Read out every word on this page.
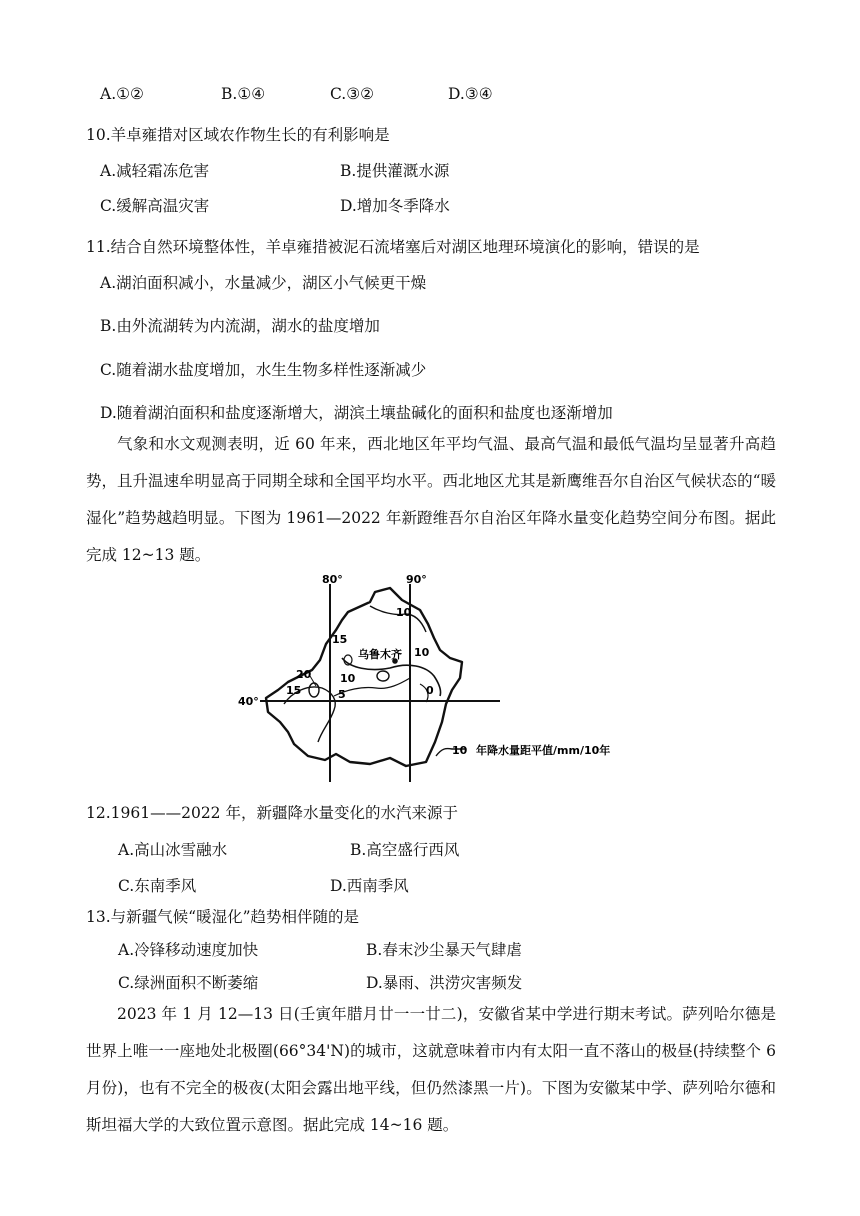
A.①②	B.①④	C.③②	D.③④
10.羊卓雍措对区域农作物生长的有利影响是
A.减轻霜冻危害	B.提供灌溉水源
C.缓解高温灾害	D.增加冬季降水
11.结合自然环境整体性，羊卓雍措被泥石流堵塞后对湖区地理环境演化的影响，错误的是
A.湖泊面积减小，水量减少，湖区小气候更干燥
B.由外流湖转为内流湖，湖水的盐度增加
C.随着湖水盐度增加，水生生物多样性逐渐减少
D.随着湖泊面积和盐度逐渐增大，湖滨土壤盐碱化的面积和盐度也逐渐增加
气象和水文观测表明，近 60 年来，西北地区年平均气温、最高气温和最低气温均呈显著升高趋势，且升温速牟明显高于同期全球和全国平均水平。西北地区尤其是新鹰维吾尔自治区气候状态的“暖湿化”趋势越趋明显。下图为 1961—2022 年新蹬维吾尔自治区年降水量变化趋势空间分布图。据此完成 12~13 题。
80°	90°
40°
乌鲁木齐
10
15
10
20
15	5
10
0
10 年降水量距平值/mm/10年
12.1961——2022 年，新疆降水量变化的水汽来源于
A.高山冰雪融水	B.高空盛行西风
C.东南季风	D.西南季风
13.与新疆气候“暖湿化”趋势相伴随的是
A.冷锋移动速度加快	B.春末沙尘暴天气肆虐
C.绿洲面积不断萎缩	D.暴雨、洪涝灾害频发
2023 年 1 月 12—13 日(壬寅年腊月廿一一廿二)，安徽省某中学进行期末考试。萨列哈尔德是世界上唯一一座地处北极圈(66°34'N)的城市，这就意味着市内有太阳一直不落山的极昼(持续整个 6 月份)，也有不完全的极夜(太阳会露出地平线，但仍然漆黑一片)。下图为安徽某中学、萨列哈尔德和斯坦福大学的大致位置示意图。据此完成 14~16 题。
